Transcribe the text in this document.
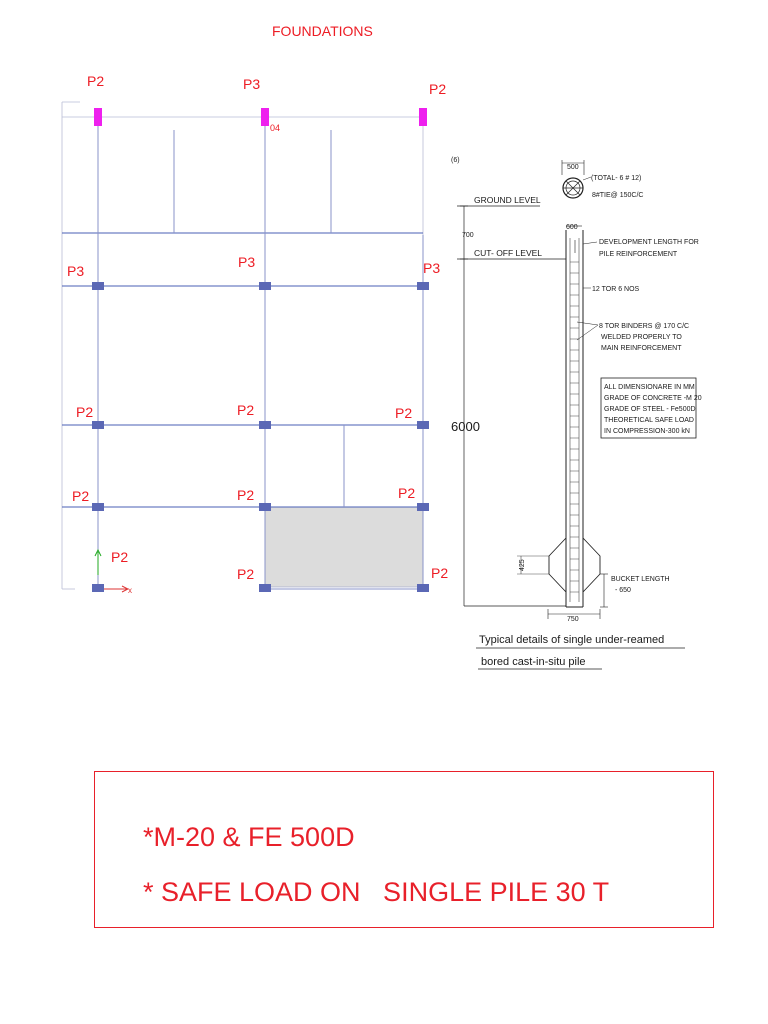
FOUNDATIONS
04
P2	P3	P2
P3
P3	P3
P2	P2	P2
P2	P2	P2
P2
P2	P2
x
(6)
500
(TOTAL- 6 # 12)
8#TIE@ 150C/C
GROUND LEVEL
700
600
CUT- OFF LEVEL
DEVELOPMENT LENGTH FOR
PILE REINFORCEMENT
12 TOR 6 NOS
8 TOR BINDERS @ 170 C/C
WELDED PROPERLY TO
MAIN REINFORCEMENT
ALL DIMENSIONARE IN MM
GRADE OF CONCRETE -M 20
GRADE OF STEEL - Fe500D
THEORETICAL SAFE LOAD
IN COMPRESSION-300 kN
6000
425
BUCKET LENGTH
- 650
750
Typical details of single under-reamed
bored cast-in-situ pile

*M-20 & FE 500D

* SAFE LOAD ON   SINGLE PILE 30 T
